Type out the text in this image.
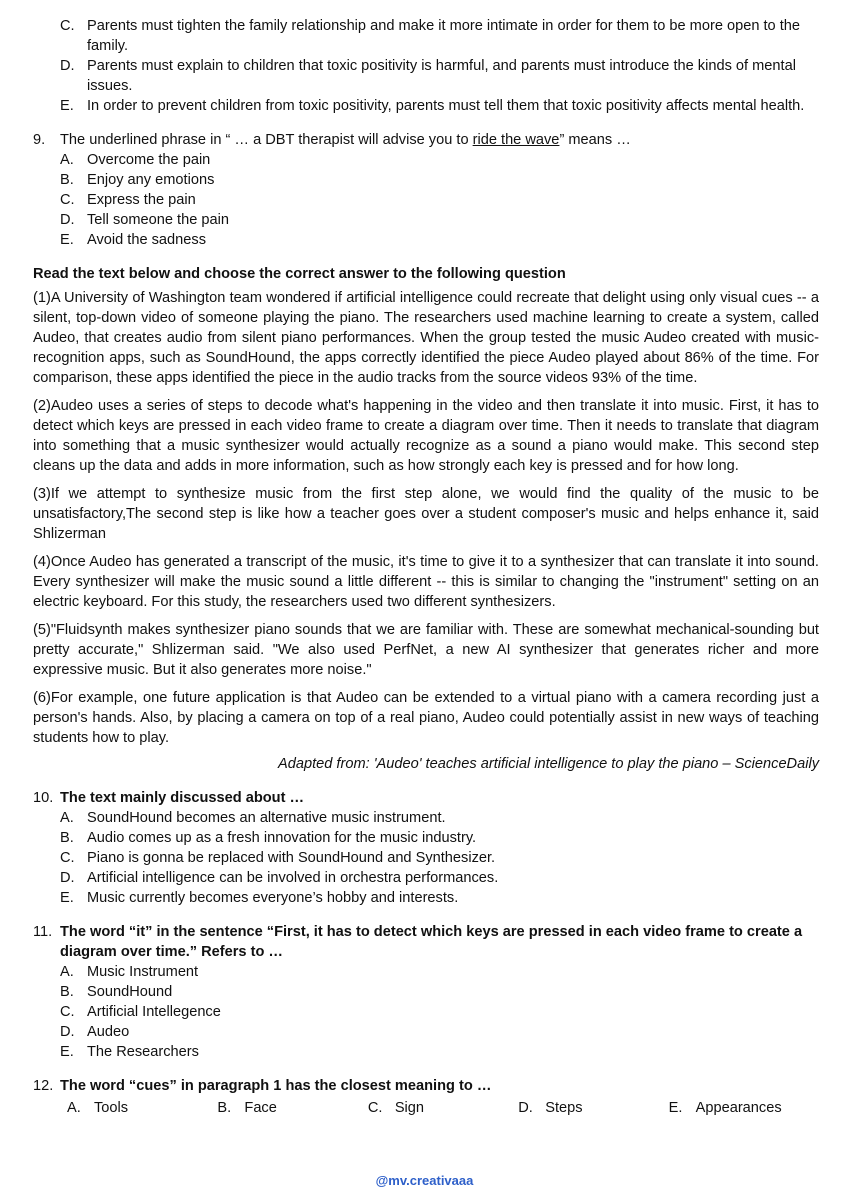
C. Parents must tighten the family relationship and make it more intimate in order for them to be more open to the family.
D. Parents must explain to children that toxic positivity is harmful, and parents must introduce the kinds of mental issues.
E. In order to prevent children from toxic positivity, parents must tell them that toxic positivity affects mental health.
9.	The underlined phrase in “ … a DBT therapist will advise you to ride the wave” means …
A. Overcome the pain
B. Enjoy any emotions
C. Express the pain
D. Tell someone the pain
E. Avoid the sadness
Read the text below and choose the correct answer to the following question
(1)A University of Washington team wondered if artificial intelligence could recreate that delight using only visual cues -- a silent, top-down video of someone playing the piano. The researchers used machine learning to create a system, called Audeo, that creates audio from silent piano performances. When the group tested the music Audeo created with music-recognition apps, such as SoundHound, the apps correctly identified the piece Audeo played about 86% of the time. For comparison, these apps identified the piece in the audio tracks from the source videos 93% of the time.
(2)Audeo uses a series of steps to decode what's happening in the video and then translate it into music. First, it has to detect which keys are pressed in each video frame to create a diagram over time. Then it needs to translate that diagram into something that a music synthesizer would actually recognize as a sound a piano would make. This second step cleans up the data and adds in more information, such as how strongly each key is pressed and for how long.
(3)If we attempt to synthesize music from the first step alone, we would find the quality of the music to be unsatisfactory,The second step is like how a teacher goes over a student composer's music and helps enhance it, said Shlizerman
(4)Once Audeo has generated a transcript of the music, it's time to give it to a synthesizer that can translate it into sound. Every synthesizer will make the music sound a little different -- this is similar to changing the "instrument" setting on an electric keyboard. For this study, the researchers used two different synthesizers.
(5)"Fluidsynth makes synthesizer piano sounds that we are familiar with. These are somewhat mechanical-sounding but pretty accurate," Shlizerman said. "We also used PerfNet, a new AI synthesizer that generates richer and more expressive music. But it also generates more noise."
(6)For example, one future application is that Audeo can be extended to a virtual piano with a camera recording just a person's hands. Also, by placing a camera on top of a real piano, Audeo could potentially assist in new ways of teaching students how to play.
Adapted from: 'Audeo' teaches artificial intelligence to play the piano – ScienceDaily
10. The text mainly discussed about …
A. SoundHound becomes an alternative music instrument.
B. Audio comes up as a fresh innovation for the music industry.
C. Piano is gonna be replaced with SoundHound and Synthesizer.
D. Artificial intelligence can be involved in orchestra performances.
E. Music currently becomes everyone’s hobby and interests.
11. The word “it” in the sentence “First, it has to detect which keys are pressed in each video frame to create a diagram over time.” Refers to …
A. Music Instrument
B. SoundHound
C. Artificial Intellegence
D. Audeo
E. The Researchers
12. The word “cues” in paragraph 1 has the closest meaning to …
A. Tools	B. Face	C. Sign	D. Steps	E. Appearances
@mv.creativaaa
